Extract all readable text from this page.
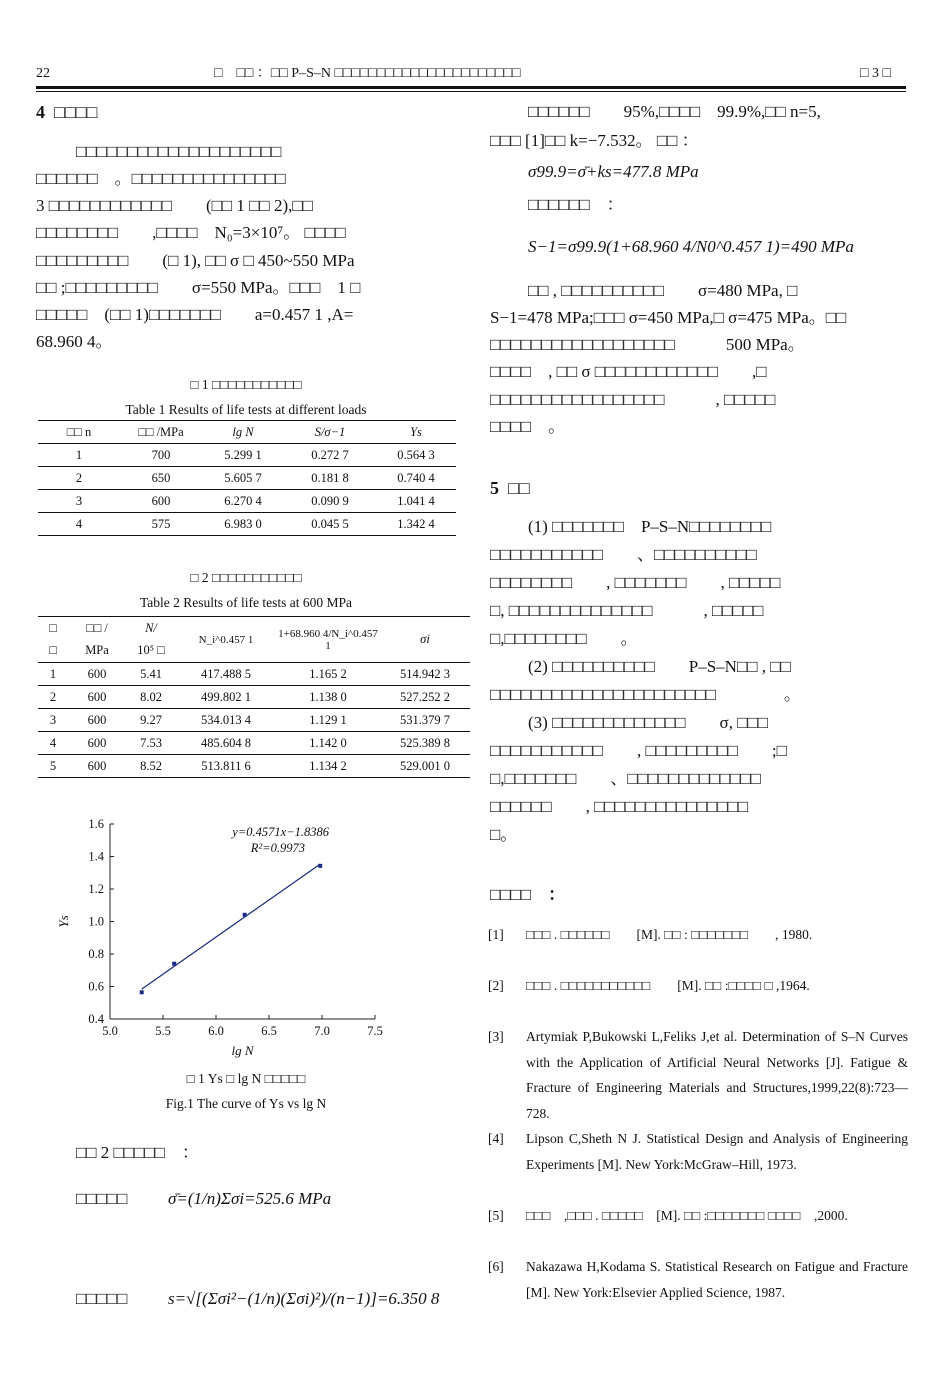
22	□　□□ ：□□ P–S–N □□□□□□□□□□□□□□□□□□□□□□	□ 3 □
4 □□□□
□□□□□□□□□□□□□□□□□□□□
□□□□□□　。□□□□□□□□□□□□□□□
3 □□□□□□□□□□□□　　(□□ 1 □□ 2),□□
□□□□□□□□　　,□□□□　N₀=3×10⁷。 □□□□
□□□□□□□□□　　(□ 1), □□ σ □ 450~550 MPa
□□ ;□□□□□□□□□　　σ=550 MPa。□□□　1 □
□□□□□　(□□ 1)□□□□□□□　　a=0.457 1 ,A=
68.960 4。
□ 1 □□□□□□□□□□□
Table 1 Results of life tests at different loads
□□ n	□□ /MPa	lg N	S/σ−1	Ys
1	700	5.299 1	0.272 7	0.564 3
2	650	5.605 7	0.181 8	0.740 4
3	600	6.270 4	0.090 9	1.041 4
4	575	6.983 0	0.045 5	1.342 4
□ 2 □□□□□□□□□□□
Table 2 Results of life tests at 600 MPa
□	□□ /	N/	N_i^0.457 1	1+68.960 4/N_i^0.457 1	σi
□	MPa	10⁵ □			
1	600	5.41	417.488 5	1.165 2	514.942 3
2	600	8.02	499.802 1	1.138 0	527.252 2
3	600	9.27	534.013 4	1.129 1	531.379 7
4	600	7.53	485.604 8	1.142 0	525.389 8
5	600	8.52	513.811 6	1.134 2	529.001 0
0.4
0.6
0.8
1.0
1.2
1.4
1.6
5.0	5.5	6.0	6.5	7.0	7.5
lg N
Ys
y=0.4571x−1.8386
R²=0.9973
□ 1 Ys □ lg N □□□□□
Fig.1 The curve of Ys vs lg N
□□ 2 □□□□□　：
□□□□□ σ̄=(1/n)Σσi=525.6 MPa
□□□□□ s=√[(Σσi²−(1/n)(Σσi)²)/(n−1)]=6.350 8
□□□□□□　　95%,□□□□　99.9%,□□ n=5,
□□□ [1]□□ k=−7.532。 □□ ：
σ99.9=σ̄+ks=477.8 MPa
□□□□□□　：
S−1=σ99.9(1+68.960 4/N0^0.457 1)=490 MPa
□□ , □□□□□□□□□□　　σ=480 MPa, □
S−1=478 MPa;□□□ σ=450 MPa,□ σ=475 MPa。□□
□□□□□□□□□□□□□□□□□□　　　500 MPa。
□□□□　, □□ σ □□□□□□□□□□□□　　,□
□□□□□□□□□□□□□□□□□　　　, □□□□□
□□□□　。
5 □□
(1) □□□□□□□　P–S–N□□□□□□□□
□□□□□□□□□□□　　、□□□□□□□□□□
□□□□□□□□　　, □□□□□□□　　, □□□□□
□, □□□□□□□□□□□□□□　　　, □□□□□
□,□□□□□□□□　　。
(2) □□□□□□□□□□　　P–S–N□□ , □□
□□□□□□□□□□□□□□□□□□□□□□　　　　。
(3) □□□□□□□□□□□□□　　σ, □□□
□□□□□□□□□□□　　, □□□□□□□□□　　;□
□,□□□□□□□　　、□□□□□□□□□□□□□
□□□□□□　　, □□□□□□□□□□□□□□□
□。
□□□□　：
[1] □□□ . □□□□□□　　[M]. □□ : □□□□□□□　　, 1980.
[2] □□□ . □□□□□□□□□□□　　[M]. □□ :□□□□ □ ,1964.
[3] Artymiak P,Bukowski L,Feliks J,et al. Determination of S–N Curves with the Application of Artificial Neural Networks [J]. Fatigue & Fracture of Engineering Materials and Structures,1999,22(8):723—728.
[4] Lipson C,Sheth N J. Statistical Design and Analysis of Engineering Experiments [M]. New York:McGraw–Hill, 1973.
[5] □□□　,□□□ . □□□□□　[M]. □□ :□□□□□□□ □□□□　,2000.
[6] Nakazawa H,Kodama S. Statistical Research on Fatigue and Fracture [M]. New York:Elsevier Applied Science, 1987.
